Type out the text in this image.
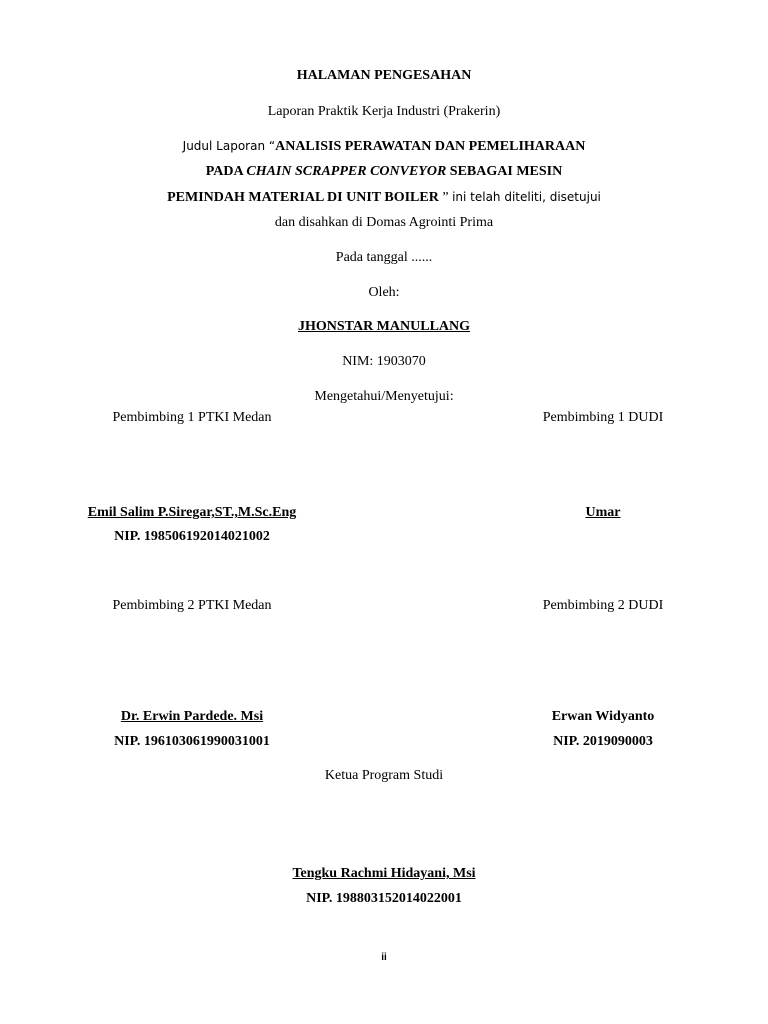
HALAMAN PENGESAHAN
Laporan Praktik Kerja Industri (Prakerin)
Judul Laporan “ANALISIS PERAWATAN DAN PEMELIHARAAN
PADA CHAIN SCRAPPER CONVEYOR SEBAGAI MESIN
PEMINDAH MATERIAL DI UNIT BOILER ” ini telah diteliti, disetujui
dan disahkan di Domas Agrointi Prima
Pada tanggal ......
Oleh:
JHONSTAR MANULLANG
NIM: 1903070
Mengetahui/Menyetujui:
Pembimbing 1 PTKI Medan	Pembimbing 1 DUDI
Emil Salim P.Siregar,ST.,M.Sc.Eng	Umar
NIP. 198506192014021002
Pembimbing 2 PTKI Medan	Pembimbing 2 DUDI
Dr. Erwin Pardede. Msi	Erwan Widyanto
NIP. 196103061990031001	NIP. 2019090003
Ketua Program Studi
Tengku Rachmi Hidayani, Msi
NIP. 198803152014022001
ii
